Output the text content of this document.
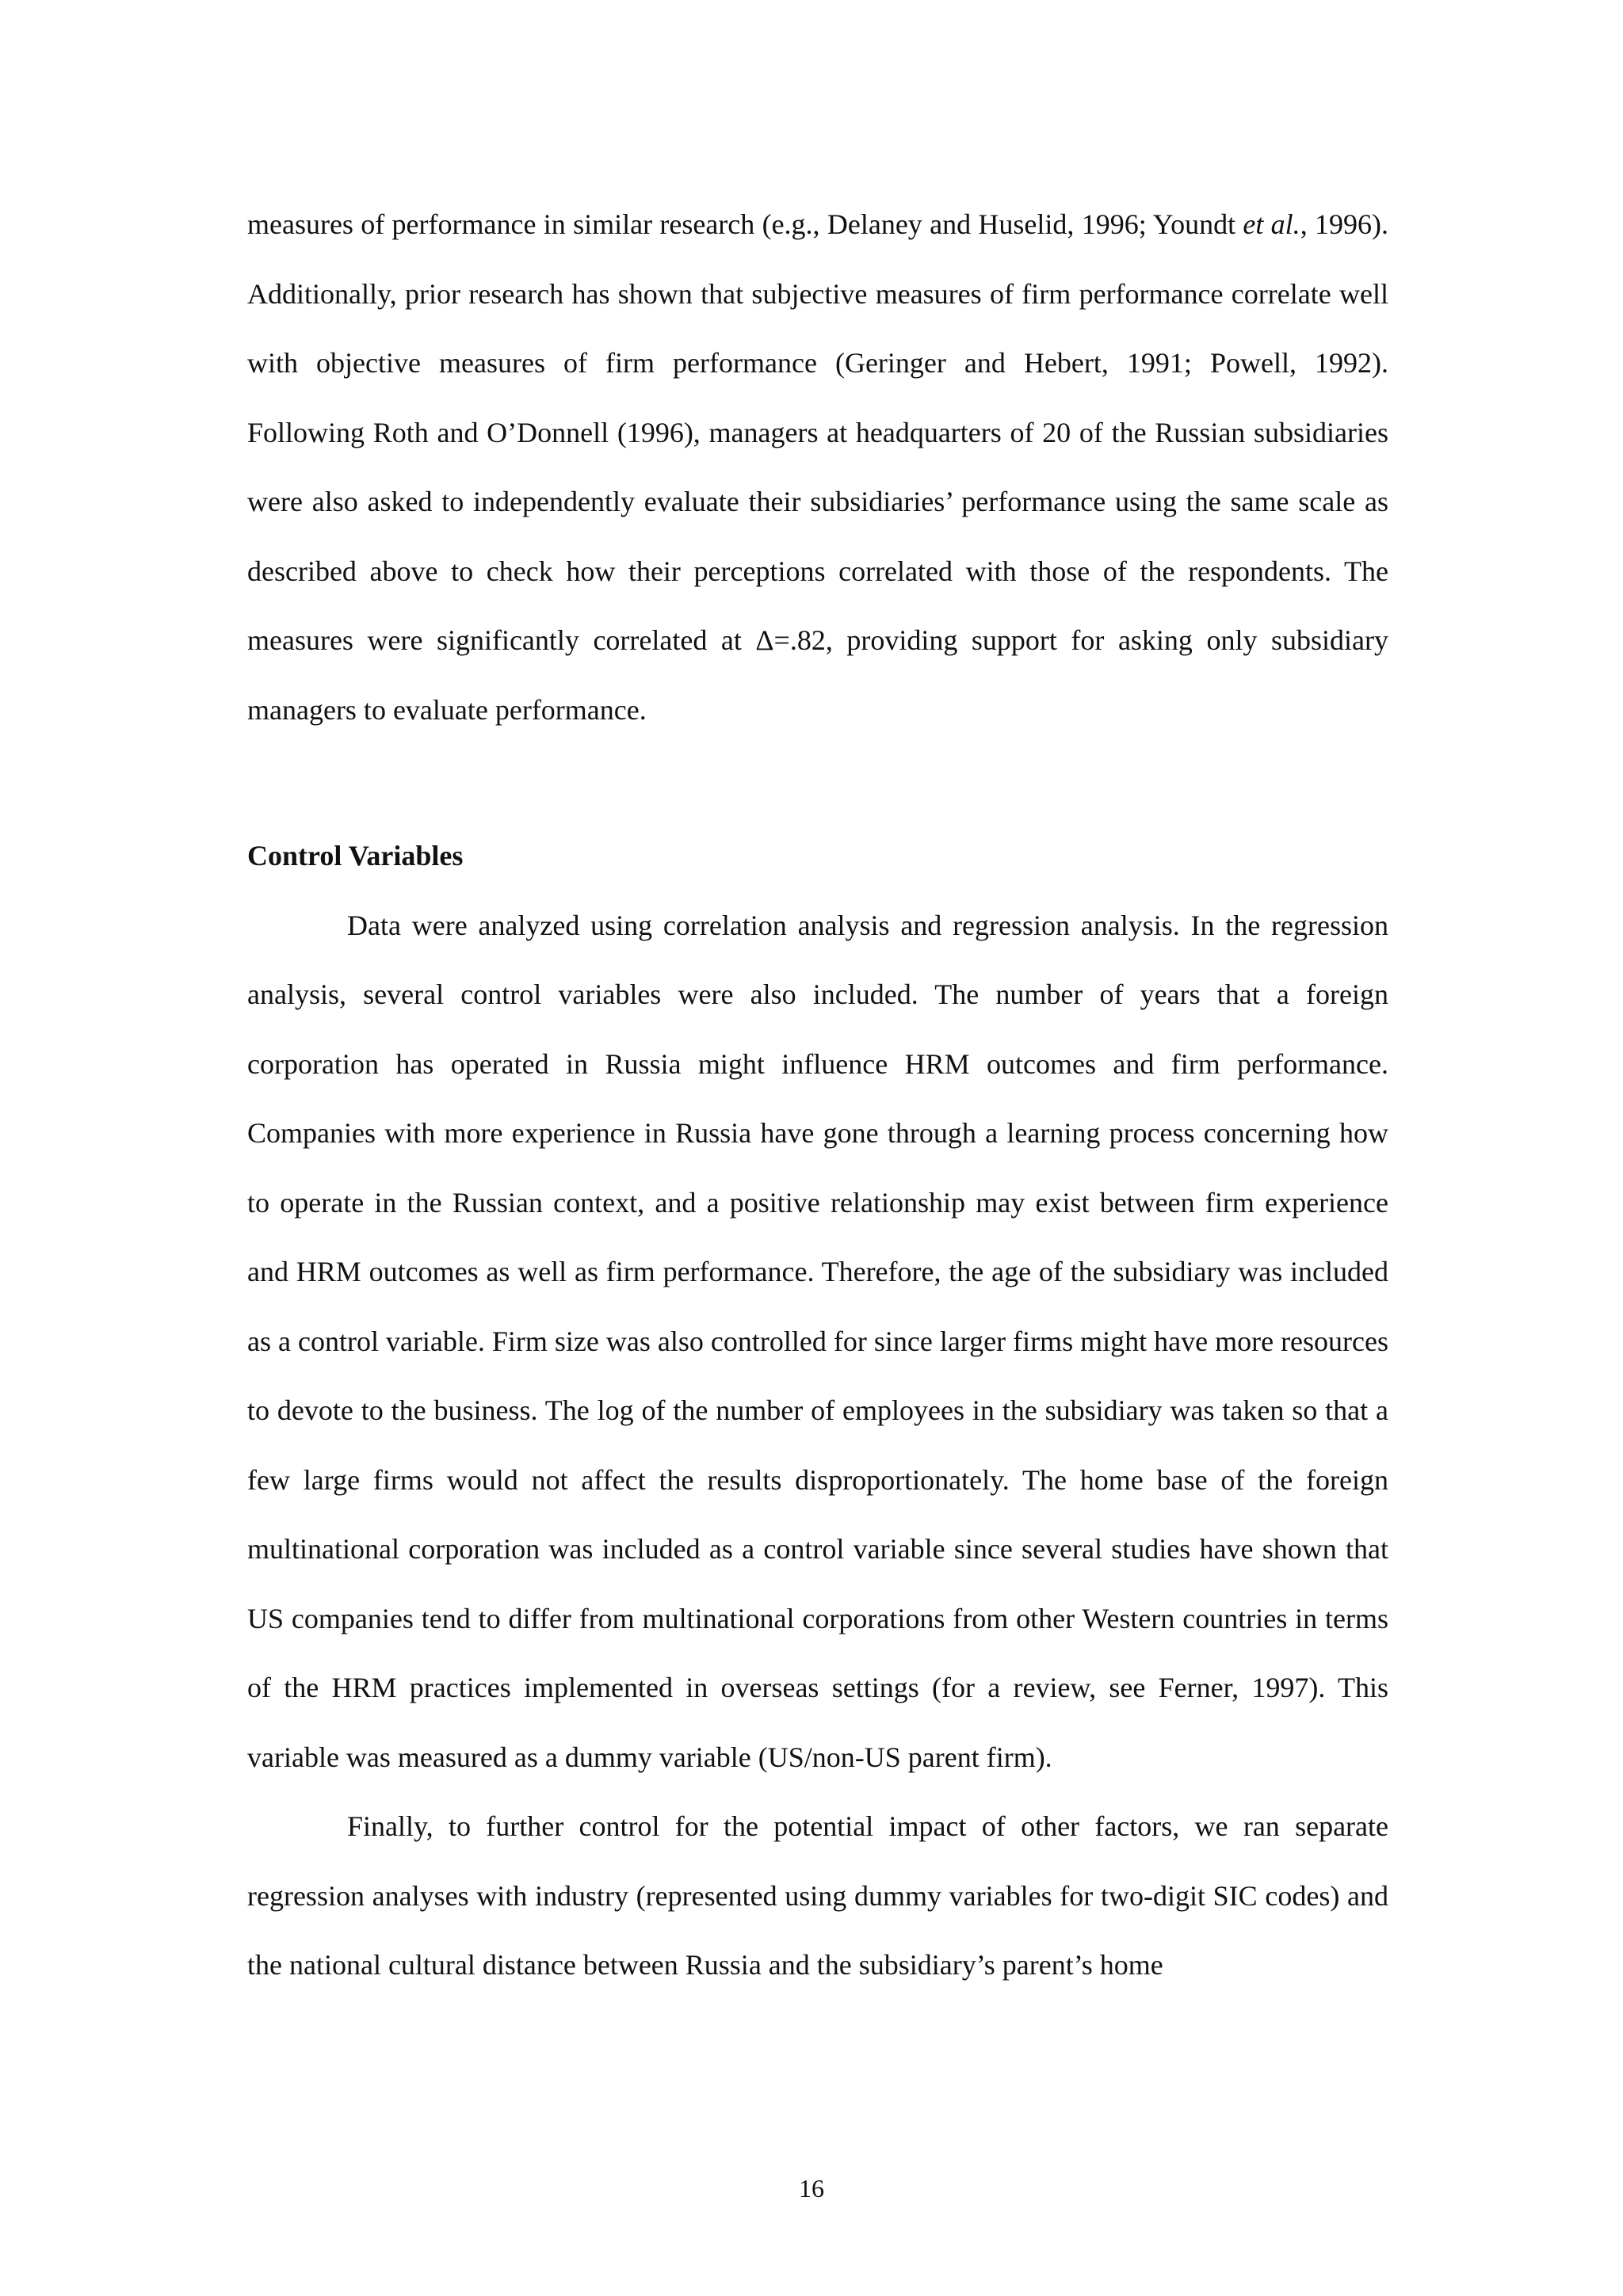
measures of performance in similar research (e.g., Delaney and Huselid, 1996; Youndt et al., 1996). Additionally, prior research has shown that subjective measures of firm performance correlate well with objective measures of firm performance (Geringer and Hebert, 1991; Powell, 1992). Following Roth and O’Donnell (1996), managers at headquarters of 20 of the Russian subsidiaries were also asked to independently evaluate their subsidiaries’ performance using the same scale as described above to check how their perceptions correlated with those of the respondents. The measures were significantly correlated at Δ=.82, providing support for asking only subsidiary managers to evaluate performance.

Control Variables

Data were analyzed using correlation analysis and regression analysis. In the regression analysis, several control variables were also included. The number of years that a foreign corporation has operated in Russia might influence HRM outcomes and firm performance. Companies with more experience in Russia have gone through a learning process concerning how to operate in the Russian context, and a positive relationship may exist between firm experience and HRM outcomes as well as firm performance. Therefore, the age of the subsidiary was included as a control variable. Firm size was also controlled for since larger firms might have more resources to devote to the business. The log of the number of employees in the subsidiary was taken so that a few large firms would not affect the results disproportionately. The home base of the foreign multinational corporation was included as a control variable since several studies have shown that US companies tend to differ from multinational corporations from other Western countries in terms of the HRM practices implemented in overseas settings (for a review, see Ferner, 1997). This variable was measured as a dummy variable (US/non-US parent firm).

Finally, to further control for the potential impact of other factors, we ran separate regression analyses with industry (represented using dummy variables for two-digit SIC codes) and the national cultural distance between Russia and the subsidiary’s parent’s home

16
